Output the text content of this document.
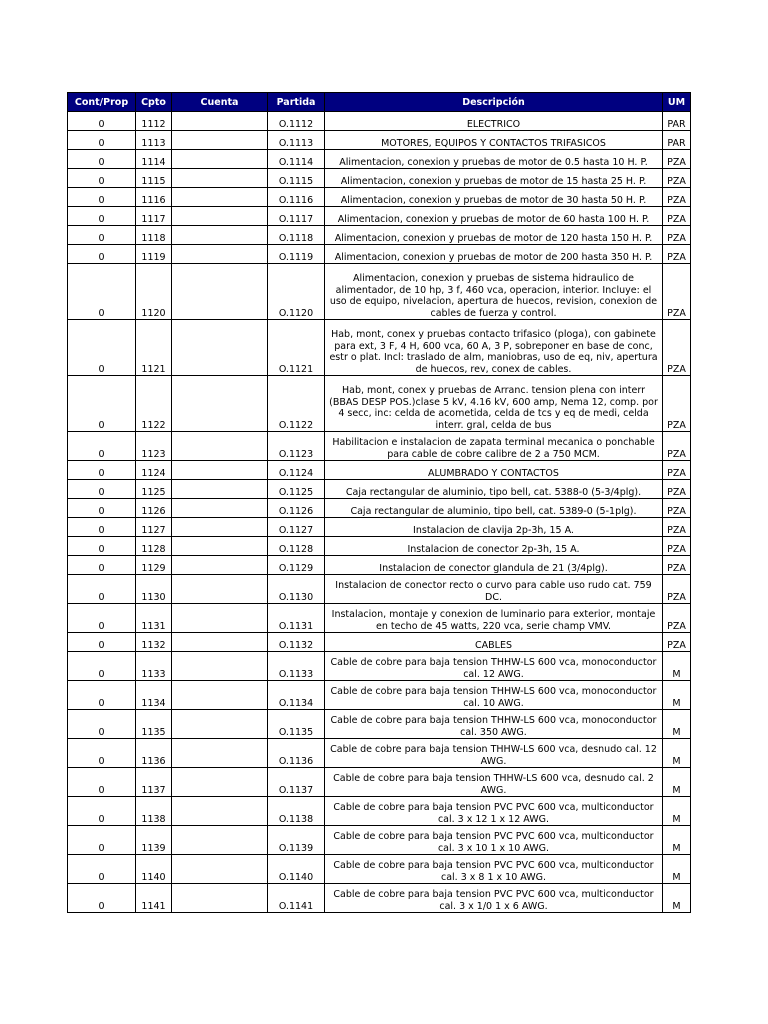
Cont/Prop	Cpto	Cuenta	Partida	Descripción	UM
0	1112		O.1112	ELECTRICO	PAR
0	1113		O.1113	MOTORES, EQUIPOS Y CONTACTOS TRIFASICOS	PAR
0	1114		O.1114	Alimentacion, conexion y pruebas de motor de 0.5 hasta 10 H. P.	PZA
0	1115		O.1115	Alimentacion, conexion y pruebas de motor de 15 hasta 25 H. P.	PZA
0	1116		O.1116	Alimentacion, conexion y pruebas de motor de 30 hasta 50 H. P.	PZA
0	1117		O.1117	Alimentacion, conexion y pruebas de motor de 60 hasta 100 H. P.	PZA
0	1118		O.1118	Alimentacion, conexion y pruebas de motor de 120 hasta 150 H. P.	PZA
0	1119		O.1119	Alimentacion, conexion y pruebas de motor de 200 hasta 350 H. P.	PZA
0	1120		O.1120	Alimentacion, conexion y pruebas de sistema hidraulico de alimentador, de 10 hp, 3 f, 460 vca, operacion, interior. Incluye: el uso de equipo, nivelacion, apertura de huecos, revision, conexion de cables de fuerza y control.	PZA
0	1121		O.1121	Hab, mont, conex y pruebas contacto trifasico (ploga), con gabinete para ext, 3 F, 4 H, 600 vca, 60 A, 3 P, sobreponer en base de conc, estr o plat. Incl: traslado de alm, maniobras, uso de eq, niv, apertura de huecos, rev, conex de cables.	PZA
0	1122		O.1122	Hab, mont, conex y pruebas de Arranc. tension plena con interr (BBAS DESP POS.)clase 5 kV, 4.16 kV, 600 amp, Nema 12, comp. por 4 secc, inc: celda de acometida, celda de tcs y eq de medi, celda interr. gral, celda de bus	PZA
0	1123		O.1123	Habilitacion e instalacion de zapata terminal mecanica o ponchable para cable de cobre calibre de 2 a 750 MCM.	PZA
0	1124		O.1124	ALUMBRADO Y CONTACTOS	PZA
0	1125		O.1125	Caja rectangular de aluminio, tipo bell, cat. 5388-0 (5-3/4plg).	PZA
0	1126		O.1126	Caja rectangular de aluminio, tipo bell, cat. 5389-0 (5-1plg).	PZA
0	1127		O.1127	Instalacion de clavija 2p-3h, 15 A.	PZA
0	1128		O.1128	Instalacion de conector 2p-3h, 15 A.	PZA
0	1129		O.1129	Instalacion de conector glandula de 21 (3/4plg).	PZA
0	1130		O.1130	Instalacion de conector recto o curvo para cable uso rudo cat. 759 DC.	PZA
0	1131		O.1131	Instalacion, montaje y conexion de luminario para exterior, montaje en techo de 45 watts, 220 vca, serie champ VMV.	PZA
0	1132		O.1132	CABLES	PZA
0	1133		O.1133	Cable de cobre para baja tension THHW-LS 600 vca, monoconductor cal. 12 AWG.	M
0	1134		O.1134	Cable de cobre para baja tension THHW-LS 600 vca, monoconductor cal. 10 AWG.	M
0	1135		O.1135	Cable de cobre para baja tension THHW-LS 600 vca, monoconductor cal. 350 AWG.	M
0	1136		O.1136	Cable de cobre para baja tension THHW-LS 600 vca, desnudo cal. 12 AWG.	M
0	1137		O.1137	Cable de cobre para baja tension THHW-LS 600 vca, desnudo cal. 2 AWG.	M
0	1138		O.1138	Cable de cobre para baja tension PVC PVC 600 vca, multiconductor cal. 3 x 12 1 x 12 AWG.	M
0	1139		O.1139	Cable de cobre para baja tension PVC PVC 600 vca, multiconductor cal. 3 x 10 1 x 10 AWG.	M
0	1140		O.1140	Cable de cobre para baja tension PVC PVC 600 vca, multiconductor cal. 3 x 8 1 x 10 AWG.	M
0	1141		O.1141	Cable de cobre para baja tension PVC PVC 600 vca, multiconductor cal. 3 x 1/0 1 x 6 AWG.	M
